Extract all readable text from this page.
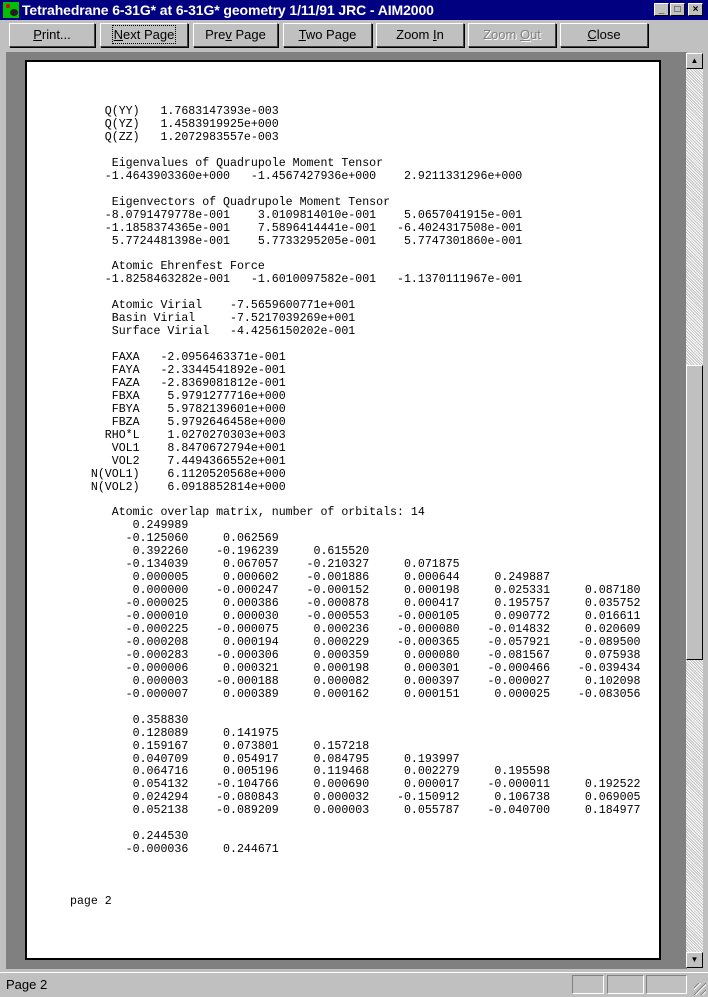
Tetrahedrane 6-31G* at 6-31G* geometry 1/11/91 JRC - AIM2000	_	□	×
Print...	Next Page	Prev Page	Two Page	Zoom In	Zoom Out	Close
Q(YY)   1.7683147393e-003
Q(YZ)   1.4583919925e+000
Q(ZZ)   1.2072983557e-003
Eigenvalues of Quadrupole Moment Tensor
-1.4643903360e+000   -1.4567427936e+000    2.9211331296e+000
Eigenvectors of Quadrupole Moment Tensor
-8.0791479778e-001    3.0109814010e-001    5.0657041915e-001
-1.1858374365e-001    7.5896414441e-001   -6.4024317508e-001
5.7724481398e-001    5.7733295205e-001    5.7747301860e-001
Atomic Ehrenfest Force
-1.8258463282e-001   -1.6010097582e-001   -1.1370111967e-001
Atomic Virial    -7.5659600771e+001
Basin Virial     -7.5217039269e+001
Surface Virial   -4.4256150202e-001
FAXA   -2.0956463371e-001
FAYA   -2.3344541892e-001
FAZA   -2.8369081812e-001
FBXA    5.9791277716e+000
FBYA    5.9782139601e+000
FBZA    5.9792646458e+000
RHO*L    1.0270270303e+003
VOL1    8.8470672794e+001
VOL2    7.4494366552e+001
N(VOL1)    6.1120520568e+000
N(VOL2)    6.0918852814e+000
Atomic overlap matrix, number of orbitals: 14
0.249989
-0.125060     0.062569
0.392260    -0.196239     0.615520
-0.134039     0.067057    -0.210327     0.071875
0.000005     0.000602    -0.001886     0.000644     0.249887
0.000000    -0.000247    -0.000152     0.000198     0.025331     0.087180
-0.000025     0.000386    -0.000878     0.000417     0.195757     0.035752
-0.000010     0.000030    -0.000553    -0.000105     0.090772     0.016611
-0.000225    -0.000075     0.000236    -0.000080    -0.014832     0.020609
-0.000208     0.000194     0.000229    -0.000365    -0.057921    -0.089500
-0.000283    -0.000306     0.000359     0.000080    -0.081567     0.075938
-0.000006     0.000321     0.000198     0.000301    -0.000466    -0.039434
0.000003    -0.000188     0.000082     0.000397    -0.000027     0.102098
-0.000007     0.000389     0.000162     0.000151     0.000025    -0.083056
0.358830
0.128089     0.141975
0.159167     0.073801     0.157218
0.040709     0.054917     0.084795     0.193997
0.064716     0.005196     0.119468     0.002279     0.195598
0.054132    -0.104766     0.000690     0.000017    -0.000011     0.192522
0.024294    -0.080843     0.000032    -0.150912     0.106738     0.069005
0.052138    -0.089209     0.000003     0.055787    -0.040700     0.184977
0.244530
-0.000036     0.244671
page 2
▲
▼
Page 2
